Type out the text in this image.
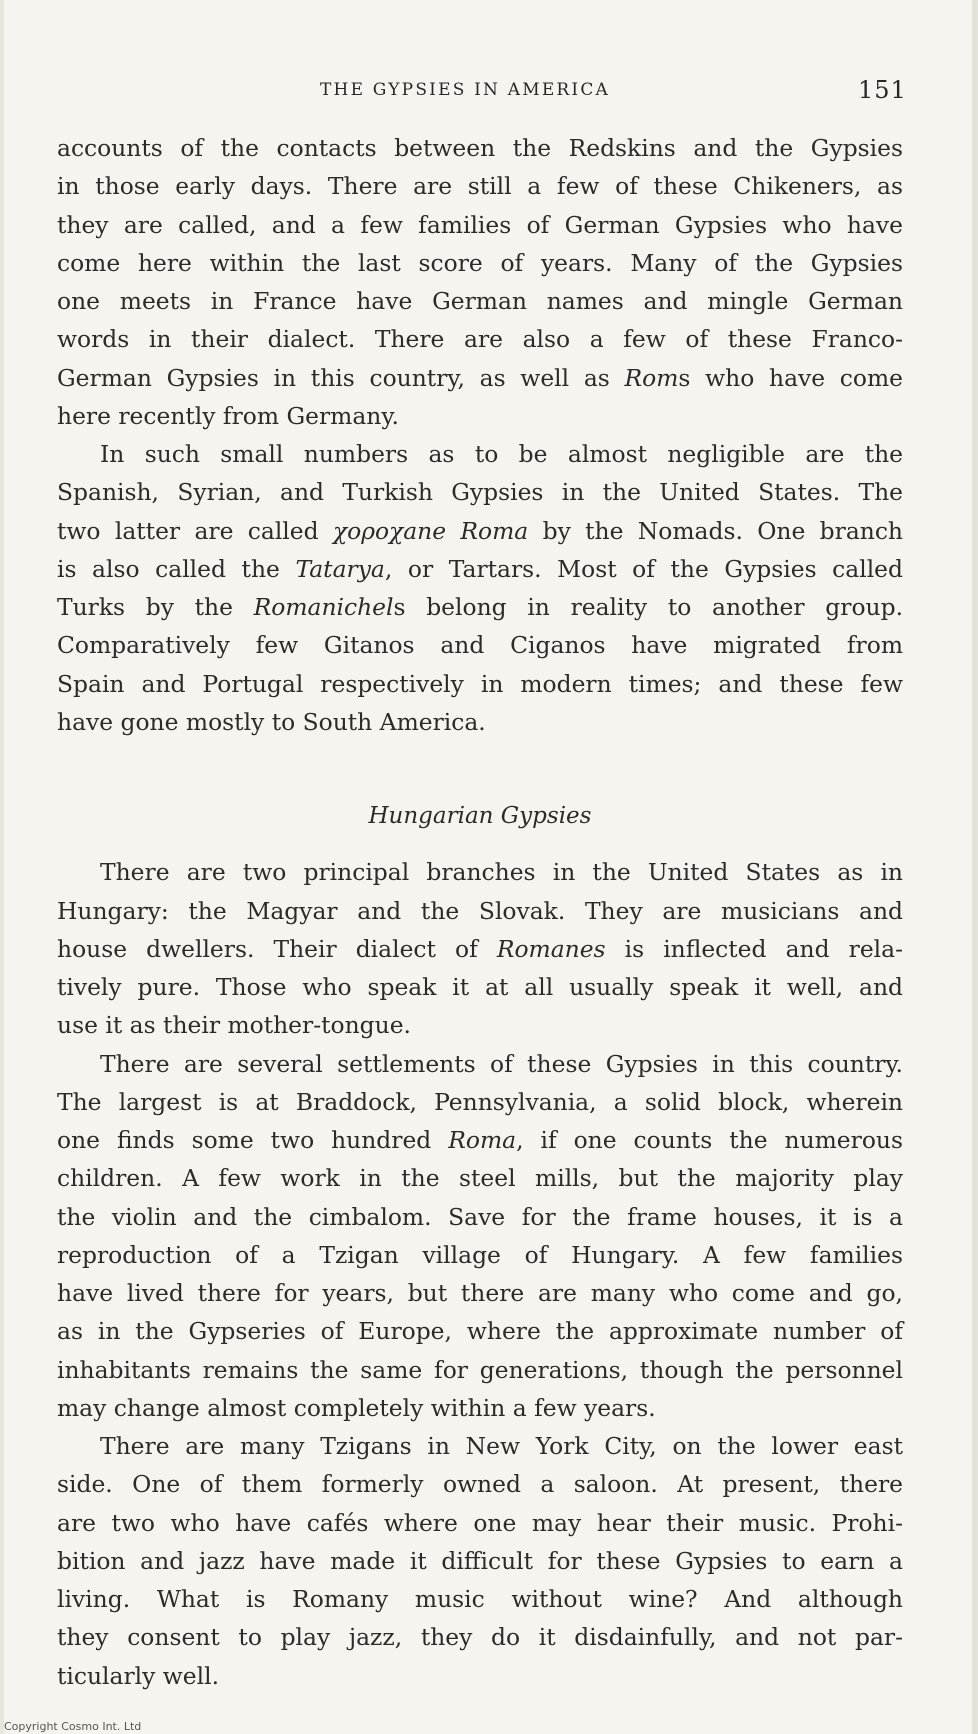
THE GYPSIES IN AMERICA	151
accounts of the contacts between the Redskins and the Gypsies
in those early days. There are still a few of these Chikeners, as
they are called, and a few families of German Gypsies who have
come here within the last score of years. Many of the Gypsies
one meets in France have German names and mingle German
words in their dialect. There are also a few of these Franco-
German Gypsies in this country, as well as Roms who have come
here recently from Germany.
In such small numbers as to be almost negligible are the
Spanish, Syrian, and Turkish Gypsies in the United States. The
two latter are called χοροχane Roma by the Nomads. One branch
is also called the Tatarya, or Tartars. Most of the Gypsies called
Turks by the Romanichels belong in reality to another group.
Comparatively few Gitanos and Ciganos have migrated from
Spain and Portugal respectively in modern times; and these few
have gone mostly to South America.
Hungarian Gypsies
There are two principal branches in the United States as in
Hungary: the Magyar and the Slovak. They are musicians and
house dwellers. Their dialect of Romanes is inflected and rela-
tively pure. Those who speak it at all usually speak it well, and
use it as their mother-tongue.
There are several settlements of these Gypsies in this country.
The largest is at Braddock, Pennsylvania, a solid block, wherein
one finds some two hundred Roma, if one counts the numerous
children. A few work in the steel mills, but the majority play
the violin and the cimbalom. Save for the frame houses, it is a
reproduction of a Tzigan village of Hungary. A few families
have lived there for years, but there are many who come and go,
as in the Gypseries of Europe, where the approximate number of
inhabitants remains the same for generations, though the personnel
may change almost completely within a few years.
There are many Tzigans in New York City, on the lower east
side. One of them formerly owned a saloon. At present, there
are two who have cafés where one may hear their music. Prohi-
bition and jazz have made it difficult for these Gypsies to earn a
living. What is Romany music without wine? And although
they consent to play jazz, they do it disdainfully, and not par-
ticularly well.
Copyright Cosmo Int. Ltd
